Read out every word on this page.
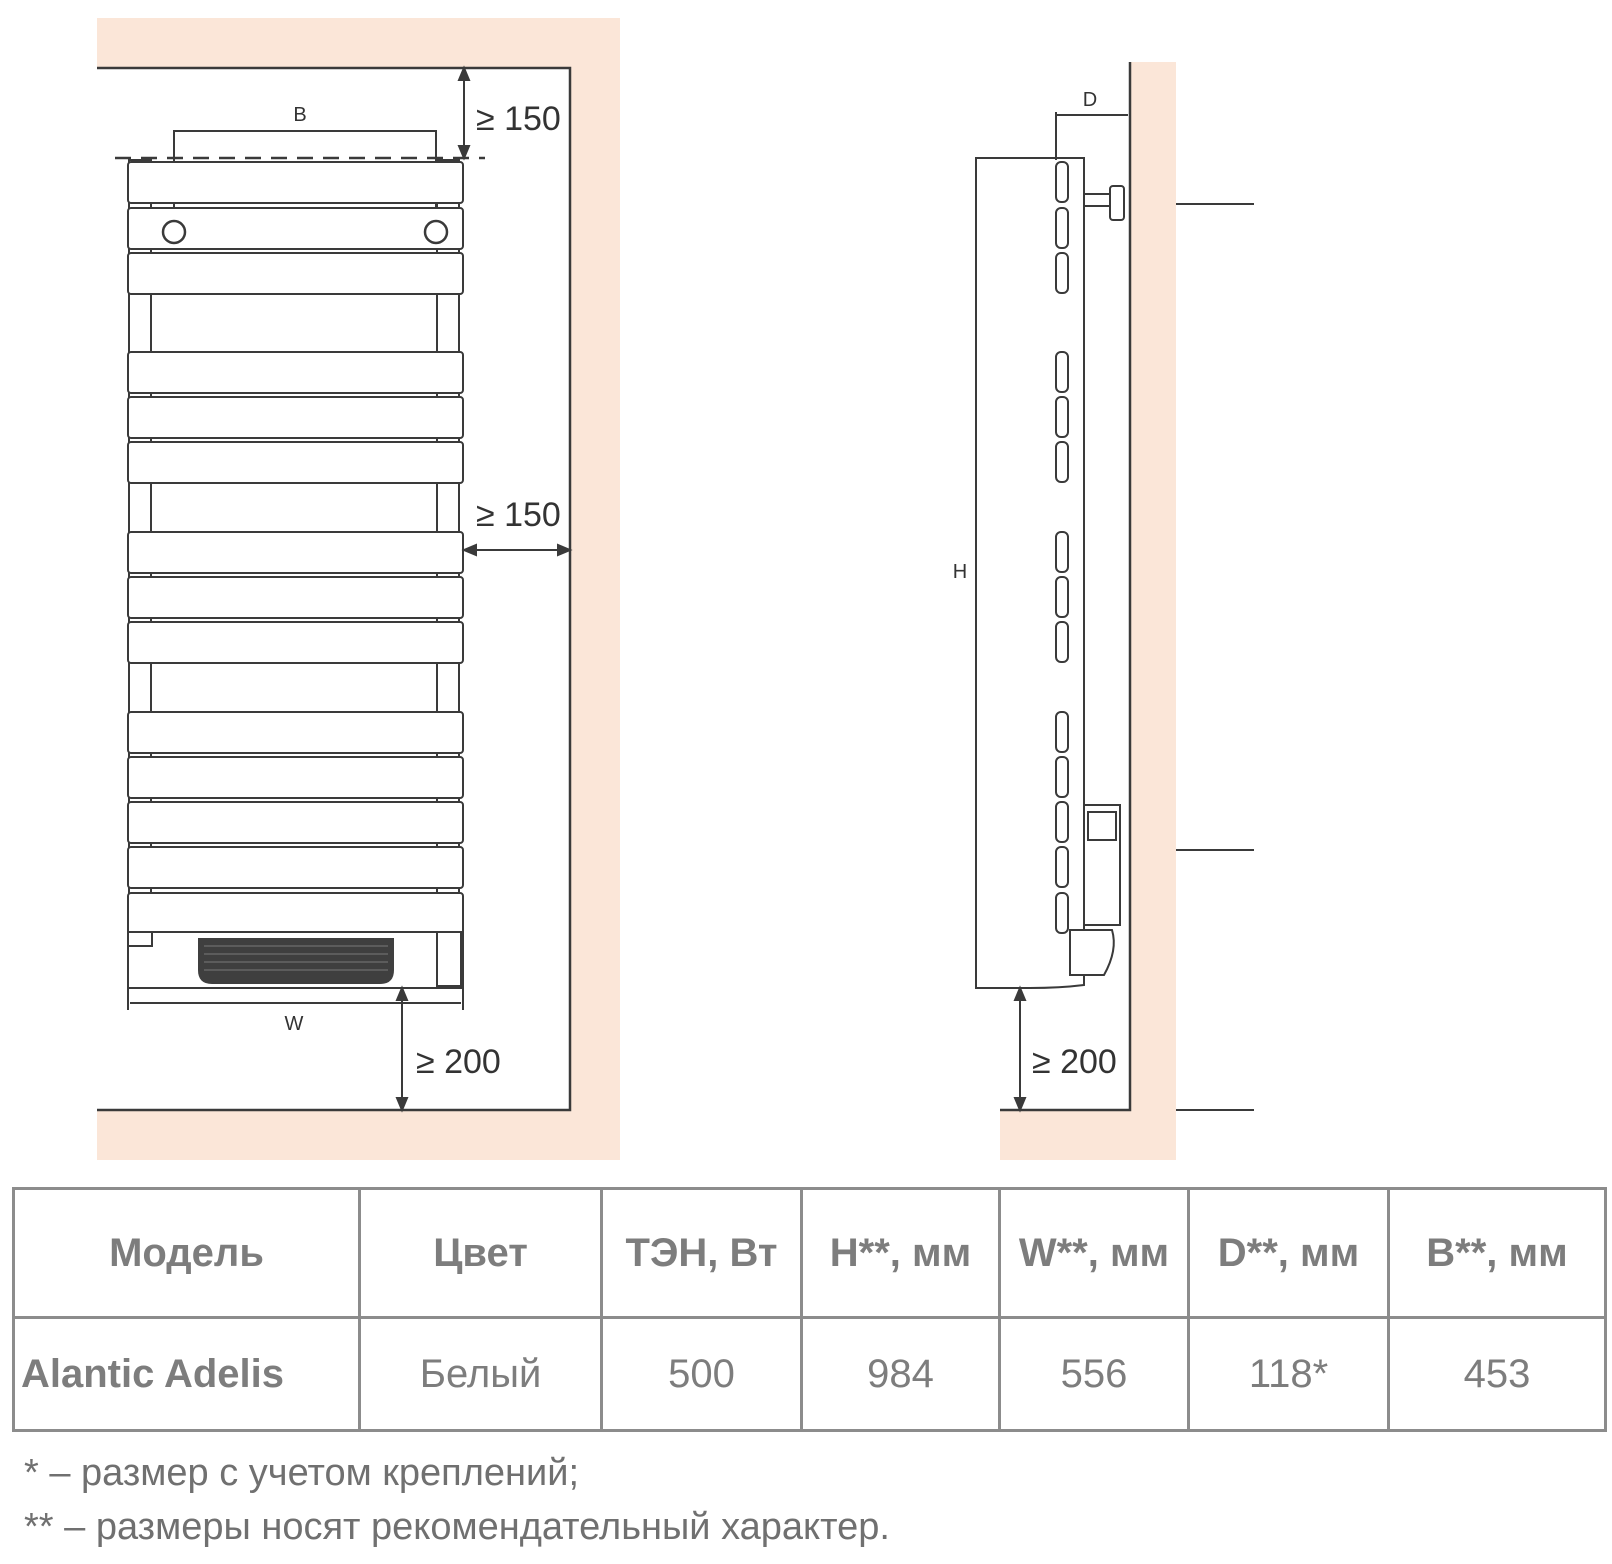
B	≥ 150
W
≥ 150
≥ 200
H
D
≥ 200
Модель	Цвет	ТЭН, Вт	H**, мм	W**, мм	D**, мм	B**, мм
Alantic Adelis	Белый	500	984	556	118*	453
* – размер с учетом креплений;
** – размеры носят рекомендательный характер.
